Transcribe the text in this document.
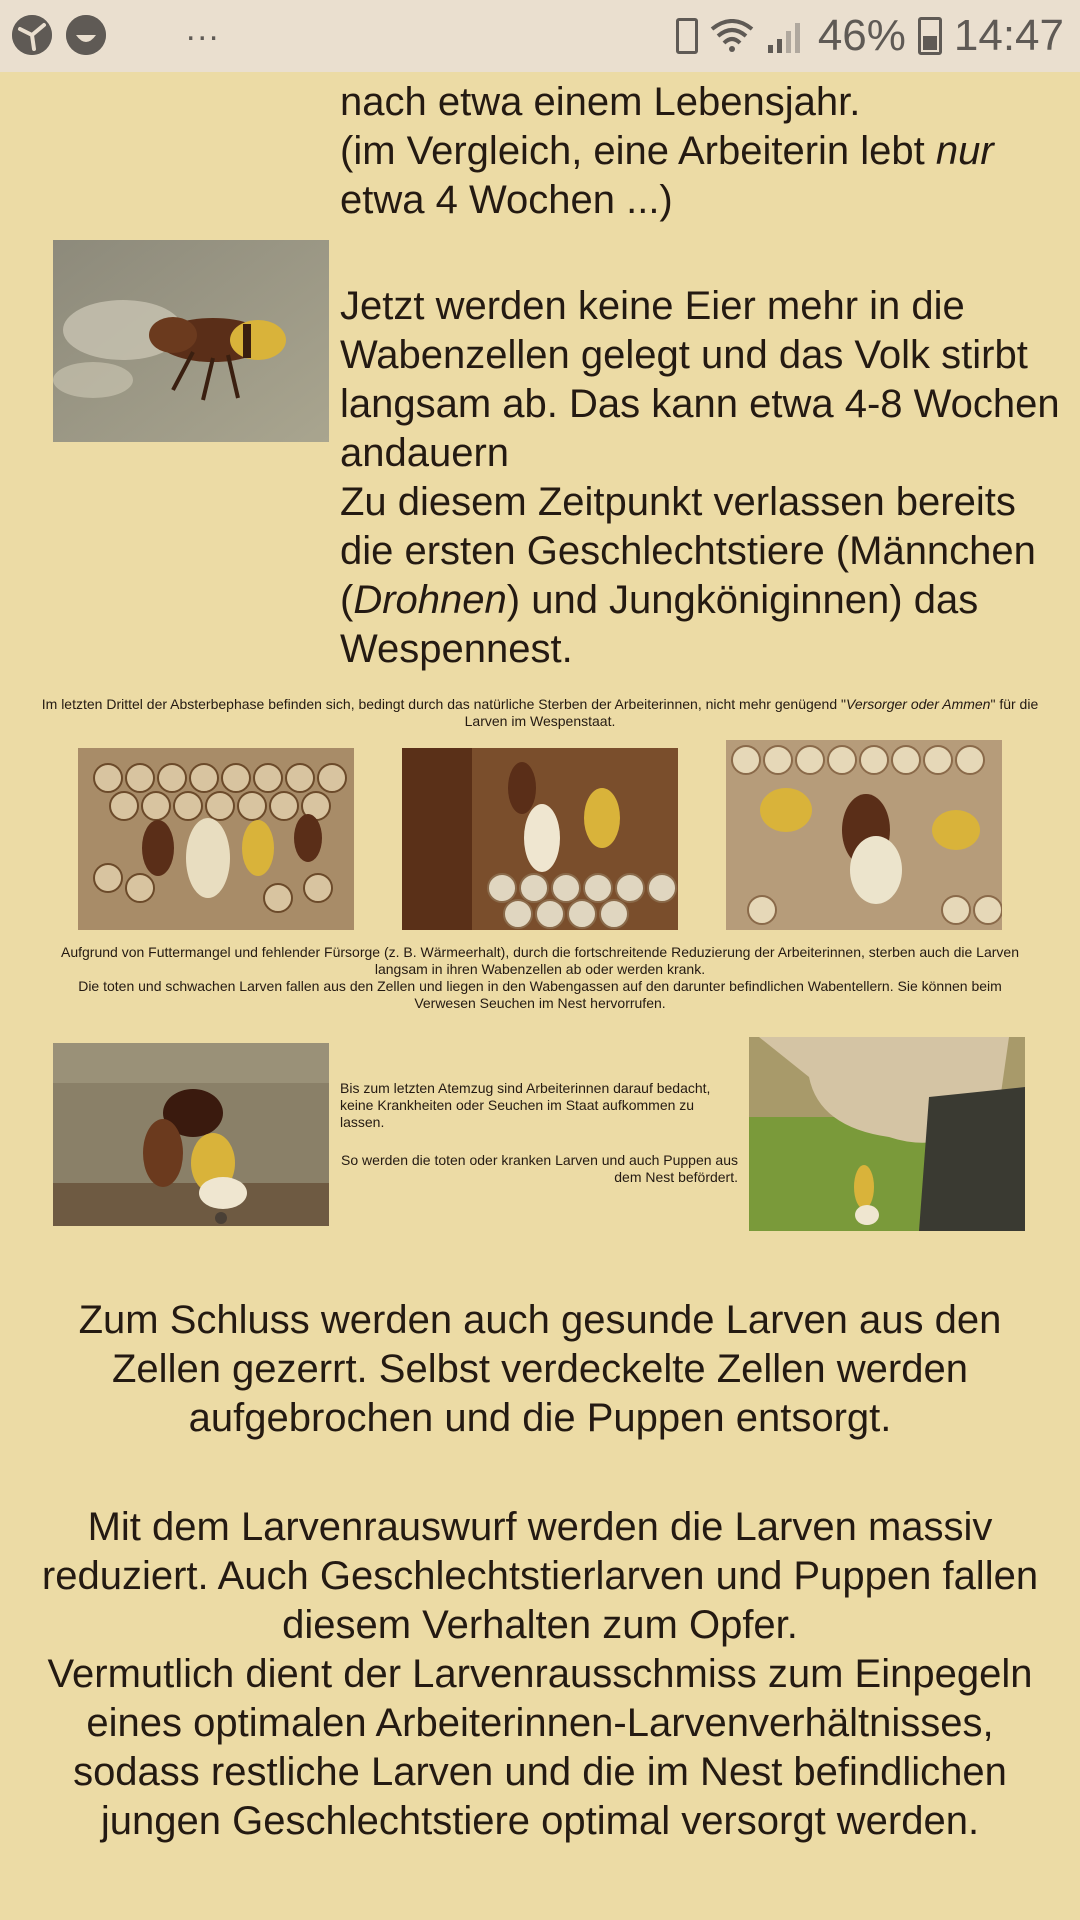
...	46% 14:47
nach etwa einem Lebensjahr.
(im Vergleich, eine Arbeiterin lebt nur
etwa 4 Wochen ...)
Jetzt werden keine Eier mehr in die Wabenzellen gelegt und das Volk stirbt langsam ab. Das kann etwa 4-8 Wochen andauern
Zu diesem Zeitpunkt verlassen bereits die ersten Geschlechtstiere (Männchen (Drohnen) und Jungköniginnen) das Wespennest.
Im letzten Drittel der Absterbephase befinden sich, bedingt durch das natürliche Sterben der Arbeiterinnen, nicht mehr genügend "Versorger oder Ammen" für die Larven im Wespenstaat.
Aufgrund von Futtermangel und fehlender Fürsorge (z. B. Wärmeerhalt), durch die fortschreitende Reduzierung der Arbeiterinnen, sterben auch die Larven langsam in ihren Wabenzellen ab oder werden krank.
Die toten und schwachen Larven fallen aus den Zellen und liegen in den Wabengassen auf den darunter befindlichen Wabentellern. Sie können beim Verwesen Seuchen im Nest hervorrufen.
Bis zum letzten Atemzug sind Arbeiterinnen darauf bedacht, keine Krankheiten oder Seuchen im Staat aufkommen zu lassen.
So werden die toten oder kranken Larven und auch Puppen aus dem Nest befördert.
Zum Schluss werden auch gesunde Larven aus den Zellen gezerrt. Selbst verdeckelte Zellen werden aufgebrochen und die Puppen entsorgt.
Mit dem Larvenrauswurf werden die Larven massiv reduziert. Auch Geschlechtstierlarven und Puppen fallen diesem Verhalten zum Opfer.
Vermutlich dient der Larvenrausschmiss zum Einpegeln eines optimalen Arbeiterinnen-Larvenverhältnisses, sodass restliche Larven und die im Nest befindlichen jungen Geschlechtstiere optimal versorgt werden.
